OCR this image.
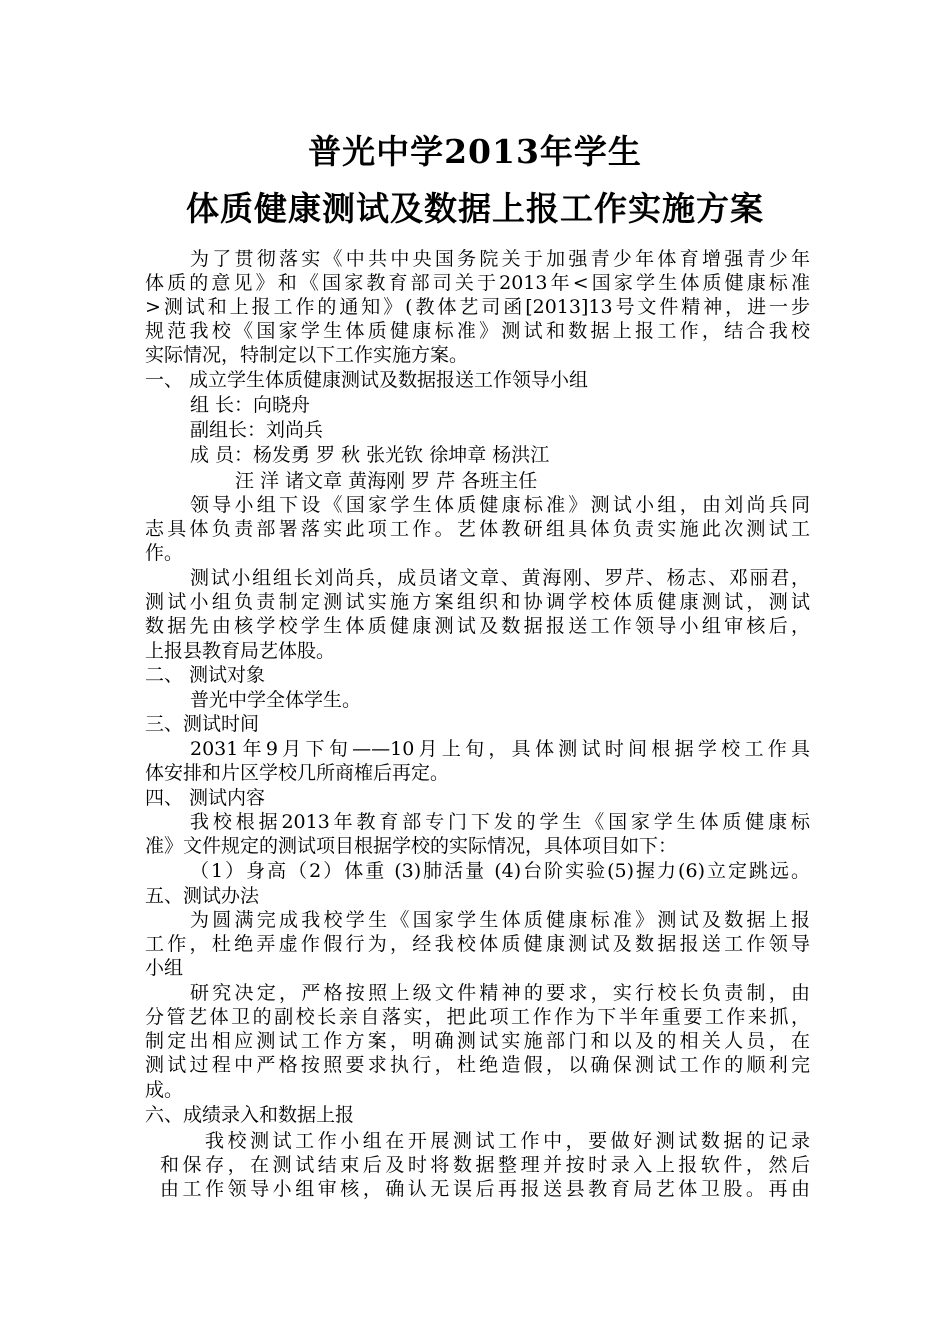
普光中学2013年学生
体质健康测试及数据上报工作实施方案
为了贯彻落实《中共中央国务院关于加强青少年体育增强青少年
体质的意见》和《国家教育部司关于2013年<国家学生体质健康标准
>测试和上报工作的通知》(教体艺司函[2013]13号文件精神，进一步
规范我校《国家学生体质健康标准》测试和数据上报工作，结合我校
实际情况，特制定以下工作实施方案。
一、 成立学生体质健康测试及数据报送工作领导小组
组 长：向晓舟
副组长：刘尚兵
成 员：杨发勇 罗 秋 张光钦 徐坤章 杨洪江
汪 洋 诸文章 黄海刚 罗 芹 各班主任
领导小组下设《国家学生体质健康标准》测试小组，由刘尚兵同
志具体负责部署落实此项工作。艺体教研组具体负责实施此次测试工
作。
测试小组组长刘尚兵，成员诸文章、黄海刚、罗芹、杨志、邓丽君，
测试小组负责制定测试实施方案组织和协调学校体质健康测试，测试
数据先由核学校学生体质健康测试及数据报送工作领导小组审核后，
上报县教育局艺体股。
二、 测试对象
普光中学全体学生。
三、测试时间
2031年9月下旬——10月上旬，具体测试时间根据学校工作具
体安排和片区学校几所商榷后再定。
四、 测试内容
我校根据2013年教育部专门下发的学生《国家学生体质健康标
准》文件规定的测试项目根据学校的实际情况，具体项目如下：
（1）身高（2）体重 (3)肺活量 (4)台阶实验(5)握力(6)立定跳远。
五、测试办法
为圆满完成我校学生《国家学生体质健康标准》测试及数据上报
工作，杜绝弄虚作假行为，经我校体质健康测试及数据报送工作领导
小组
研究决定，严格按照上级文件精神的要求，实行校长负责制，由
分管艺体卫的副校长亲自落实，把此项工作作为下半年重要工作来抓，
制定出相应测试工作方案，明确测试实施部门和以及的相关人员，在
测试过程中严格按照要求执行，杜绝造假，以确保测试工作的顺利完
成。
六、成绩录入和数据上报
我校测试工作小组在开展测试工作中，要做好测试数据的记录
和保存，在测试结束后及时将数据整理并按时录入上报软件，然后
由工作领导小组审核，确认无误后再报送县教育局艺体卫股。再由
